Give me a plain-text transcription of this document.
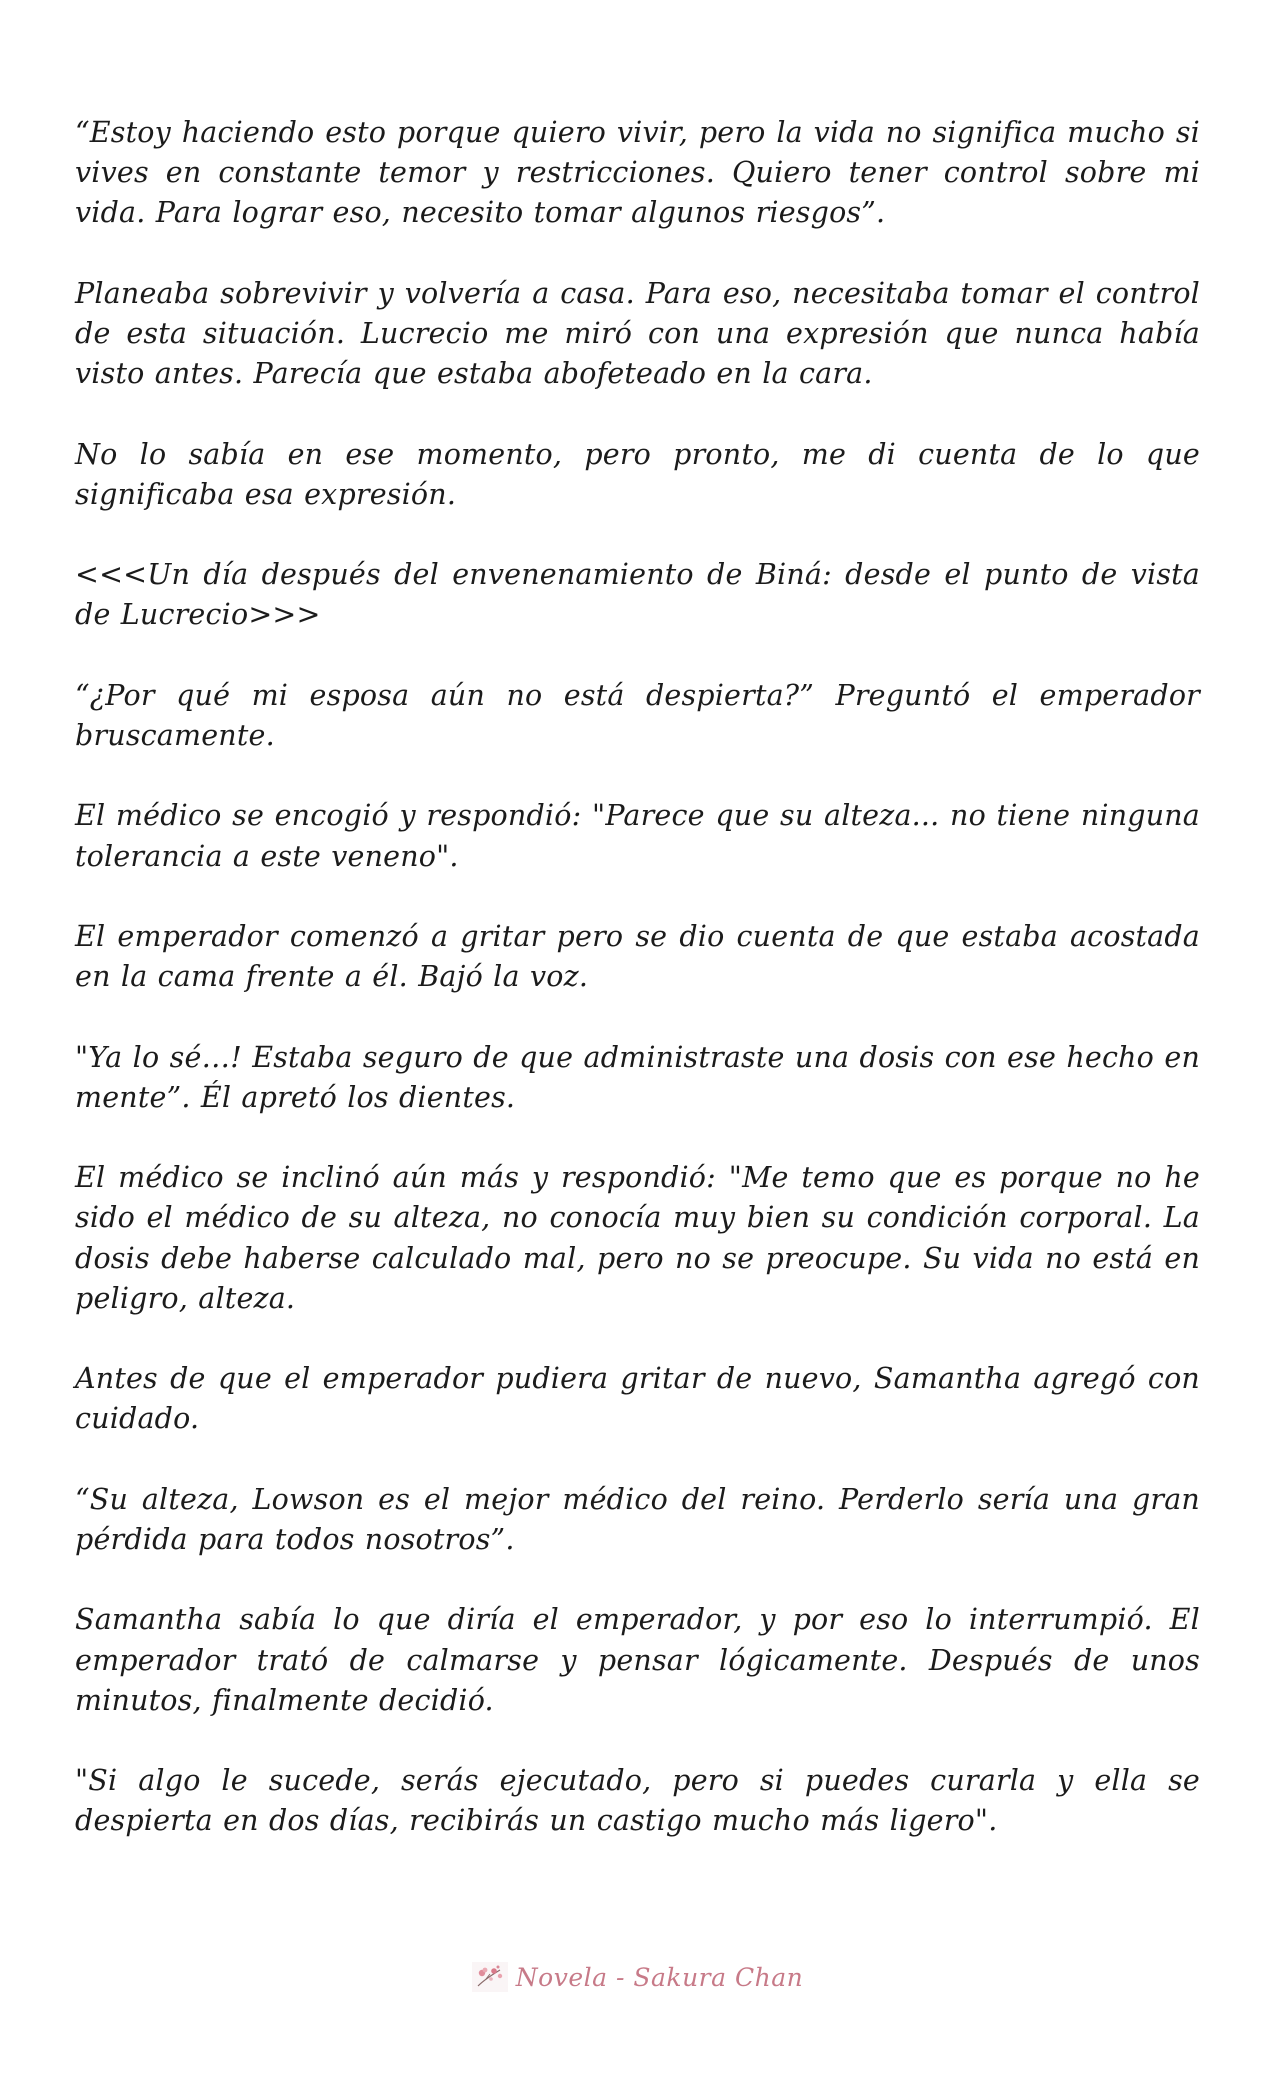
“Estoy haciendo esto porque quiero vivir, pero la vida no significa mucho si vives en constante temor y restricciones. Quiero tener control sobre mi vida. Para lograr eso, necesito tomar algunos riesgos”.

Planeaba sobrevivir y volvería a casa. Para eso, necesitaba tomar el control de esta situación. Lucrecio me miró con una expresión que nunca había visto antes. Parecía que estaba abofeteado en la cara.

No lo sabía en ese momento, pero pronto, me di cuenta de lo que significaba esa expresión.

<<<Un día después del envenenamiento de Biná: desde el punto de vista de Lucrecio>>>

“¿Por qué mi esposa aún no está despierta?” Preguntó el emperador bruscamente.

El médico se encogió y respondió: "Parece que su alteza... no tiene ninguna tolerancia a este veneno".

El emperador comenzó a gritar pero se dio cuenta de que estaba acostada en la cama frente a él. Bajó la voz.

"Ya lo sé…! Estaba seguro de que administraste una dosis con ese hecho en mente”. Él apretó los dientes.

El médico se inclinó aún más y respondió: "Me temo que es porque no he sido el médico de su alteza, no conocía muy bien su condición corporal. La dosis debe haberse calculado mal, pero no se preocupe. Su vida no está en peligro, alteza.

Antes de que el emperador pudiera gritar de nuevo, Samantha agregó con cuidado.

“Su alteza, Lowson es el mejor médico del reino. Perderlo sería una gran pérdida para todos nosotros”.

Samantha sabía lo que diría el emperador, y por eso lo interrumpió. El emperador trató de calmarse y pensar lógicamente. Después de unos minutos, finalmente decidió.

"Si algo le sucede, serás ejecutado, pero si puedes curarla y ella se despierta en dos días, recibirás un castigo mucho más ligero".

Novela - Sakura Chan
